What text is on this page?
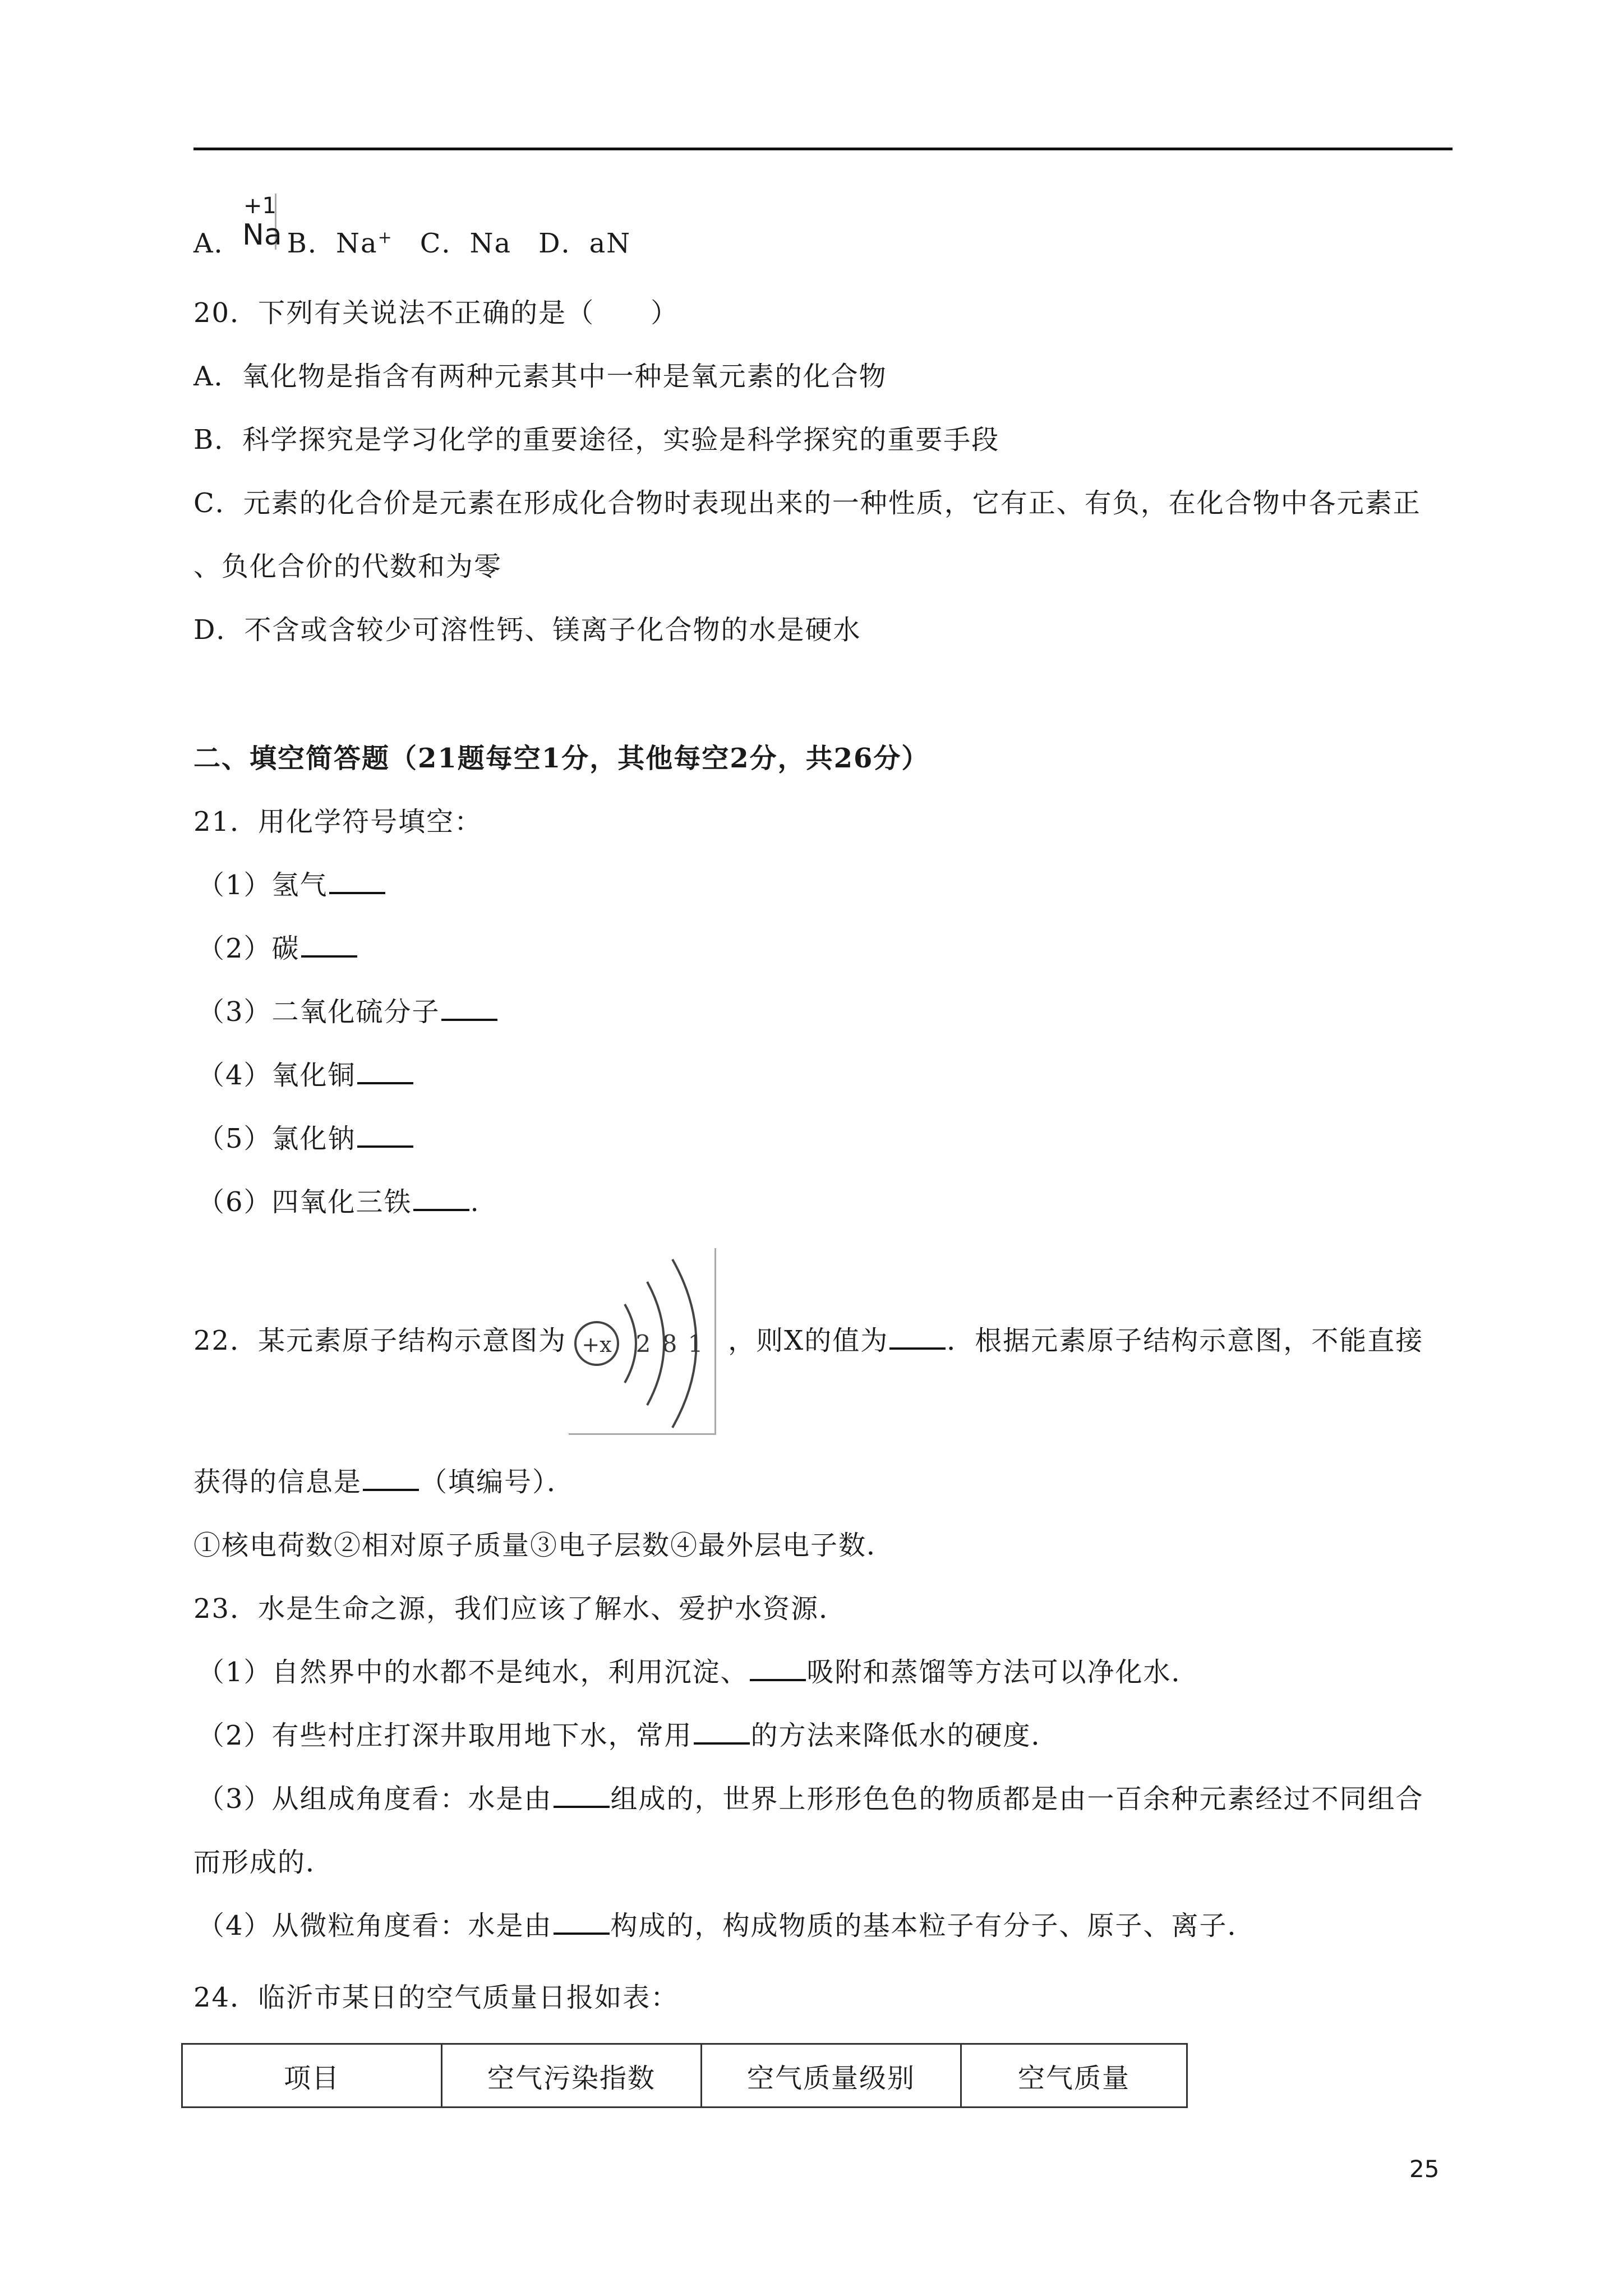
+1
Na
A． B．Na+ C．Na D．aN
20．下列有关说法不正确的是（　　）
A．氧化物是指含有两种元素其中一种是氧元素的化合物
B．科学探究是学习化学的重要途径，实验是科学探究的重要手段
C．元素的化合价是元素在形成化合物时表现出来的一种性质，它有正、有负，在化合物中各元素正
、负化合价的代数和为零
D．不含或含较少可溶性钙、镁离子化合物的水是硬水
二、填空简答题（21题每空1分，其他每空2分，共26分）
21．用化学符号填空：
（1）氢气
（2）碳
（3）二氧化硫分子
（4）氧化铜
（5）氯化钠
（6）四氧化三铁 .
22．某元素原子结构示意图为	，则X的值为 ．根据元素原子结构示意图，不能直接
+x 2 8 1
获得的信息是 （填编号）．
①核电荷数②相对原子质量③电子层数④最外层电子数．
23．水是生命之源，我们应该了解水、爱护水资源．
（1）自然界中的水都不是纯水，利用沉淀、 吸附和蒸馏等方法可以净化水．
（2）有些村庄打深井取用地下水，常用 的方法来降低水的硬度．
（3）从组成角度看：水是由 组成的，世界上形形色色的物质都是由一百余种元素经过不同组合
而形成的．
（4）从微粒角度看：水是由 构成的，构成物质的基本粒子有分子、原子、离子．
24．临沂市某日的空气质量日报如表：
项目	空气污染指数	空气质量级别	空气质量
25
